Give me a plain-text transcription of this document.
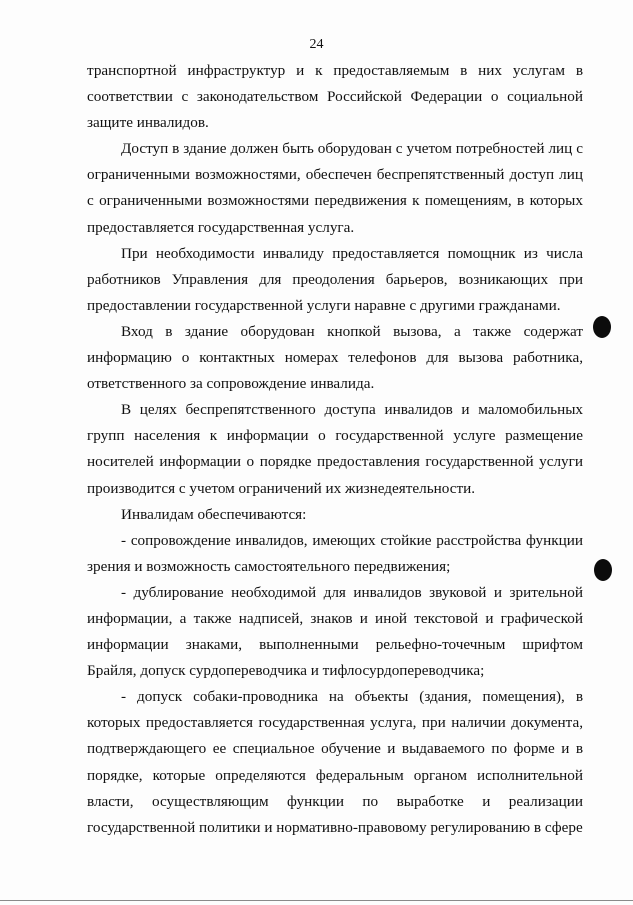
24

транспортной инфраструктур и к предоставляемым в них услугам в соответствии с законодательством Российской Федерации о социальной защите инвалидов.

Доступ в здание должен быть оборудован с учетом потребностей лиц с ограниченными возможностями, обеспечен беспрепятственный доступ лиц с ограниченными возможностями передвижения к помещениям, в которых предоставляется государственная услуга.

При необходимости инвалиду предоставляется помощник из числа работников Управления для преодоления барьеров, возникающих при предоставлении государственной услуги наравне с другими гражданами.

Вход в здание оборудован кнопкой вызова, а также содержат информацию о контактных номерах телефонов для вызова работника, ответственного за сопровождение инвалида.

В целях беспрепятственного доступа инвалидов и маломобильных групп населения к информации о государственной услуге размещение носителей информации о порядке предоставления государственной услуги производится с учетом ограничений их жизнедеятельности.

Инвалидам обеспечиваются:

- сопровождение инвалидов, имеющих стойкие расстройства функции зрения и возможность самостоятельного передвижения;

- дублирование необходимой для инвалидов звуковой и зрительной информации, а также надписей, знаков и иной текстовой и графической информации знаками, выполненными рельефно-точечным шрифтом Брайля, допуск сурдопереводчика и тифлосурдопереводчика;

- допуск собаки-проводника на объекты (здания, помещения), в которых предоставляется государственная услуга, при наличии документа, подтверждающего ее специальное обучение и выдаваемого по форме и в порядке, которые определяются федеральным органом исполнительной власти, осуществляющим функции по выработке и реализации государственной политики и нормативно-правовому регулированию в сфере
